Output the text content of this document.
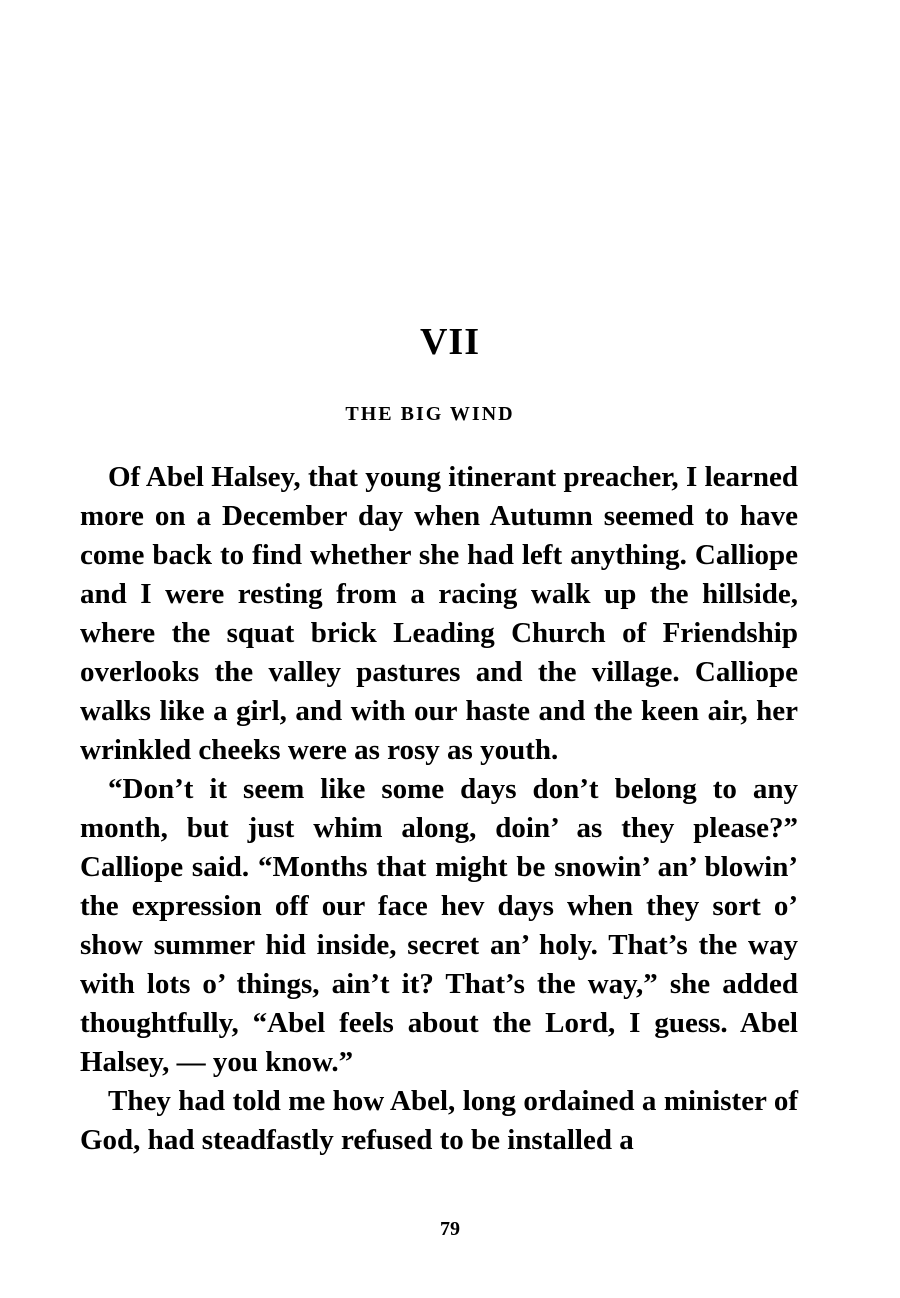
VII
THE BIG WIND

Of Abel Halsey, that young itinerant preacher, I learned more on a December day when Autumn seemed to have come back to find whether she had left anything. Calliope and I were resting from a racing walk up the hillside, where the squat brick Leading Church of Friendship overlooks the valley pastures and the village. Calliope walks like a girl, and with our haste and the keen air, her wrinkled cheeks were as rosy as youth.

“Don’t it seem like some days don’t belong to any month, but just whim along, doin’ as they please?” Calliope said. “Months that might be snowin’ an’ blowin’ the expression off our face hev days when they sort o’ show summer hid inside, secret an’ holy. That’s the way with lots o’ things, ain’t it? That’s the way,” she added thoughtfully, “Abel feels about the Lord, I guess. Abel Halsey, — you know.”

They had told me how Abel, long ordained a minister of God, had steadfastly refused to be installed a

79
